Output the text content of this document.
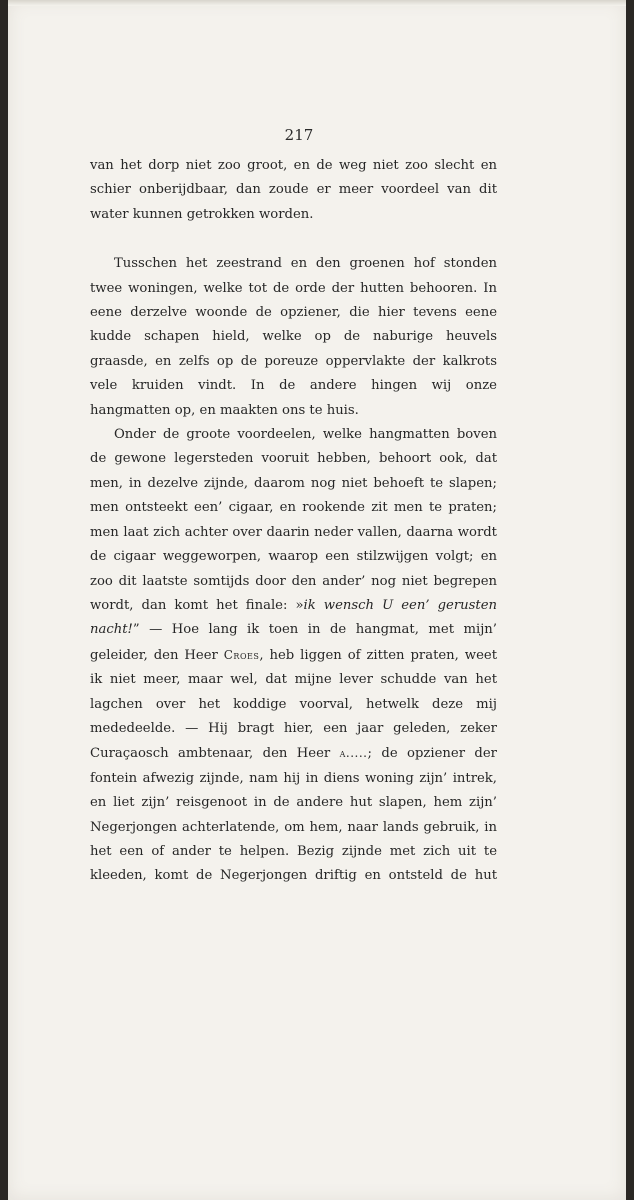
217

van het dorp niet zoo groot, en de weg niet zoo slecht en schier onberijdbaar, dan zoude er meer voordeel van dit water kunnen getrokken worden.

Tusschen het zeestrand en den groenen hof stonden twee woningen, welke tot de orde der hutten behooren. In eene derzelve woonde de opziener, die hier tevens eene kudde schapen hield, welke op de naburige heuvels graasde, en zelfs op de poreuze oppervlakte der kalkrots vele kruiden vindt. In de andere hingen wij onze hangmatten op, en maakten ons te huis.

Onder de groote voordeelen, welke hangmatten boven de gewone legersteden vooruit hebben, behoort ook, dat men, in dezelve zijnde, daarom nog niet behoeft te slapen; men ontsteekt een’ cigaar, en rookende zit men te praten; men laat zich achter over daarin neder vallen, daarna wordt de cigaar weggeworpen, waarop een stilzwijgen volgt; en zoo dit laatste somtijds door den ander’ nog niet begrepen wordt, dan komt het finale: »ik wensch U een’ gerusten nacht!” — Hoe lang ik toen in de hangmat, met mijn’ geleider, den Heer Croes, heb liggen of zitten praten, weet ik niet meer, maar wel, dat mijne lever schudde van het lagchen over het koddige voorval, hetwelk deze mij mededeelde. — Hij bragt hier, een jaar geleden, zeker Curaçaosch ambtenaar, den Heer a.....; de opziener der fontein afwezig zijnde, nam hij in diens woning zijn’ intrek, en liet zijn’ reisgenoot in de andere hut slapen, hem zijn’ Negerjongen achterlatende, om hem, naar lands gebruik, in het een of ander te helpen. Bezig zijnde met zich uit te kleeden, komt de Negerjongen driftig en ontsteld de hut
